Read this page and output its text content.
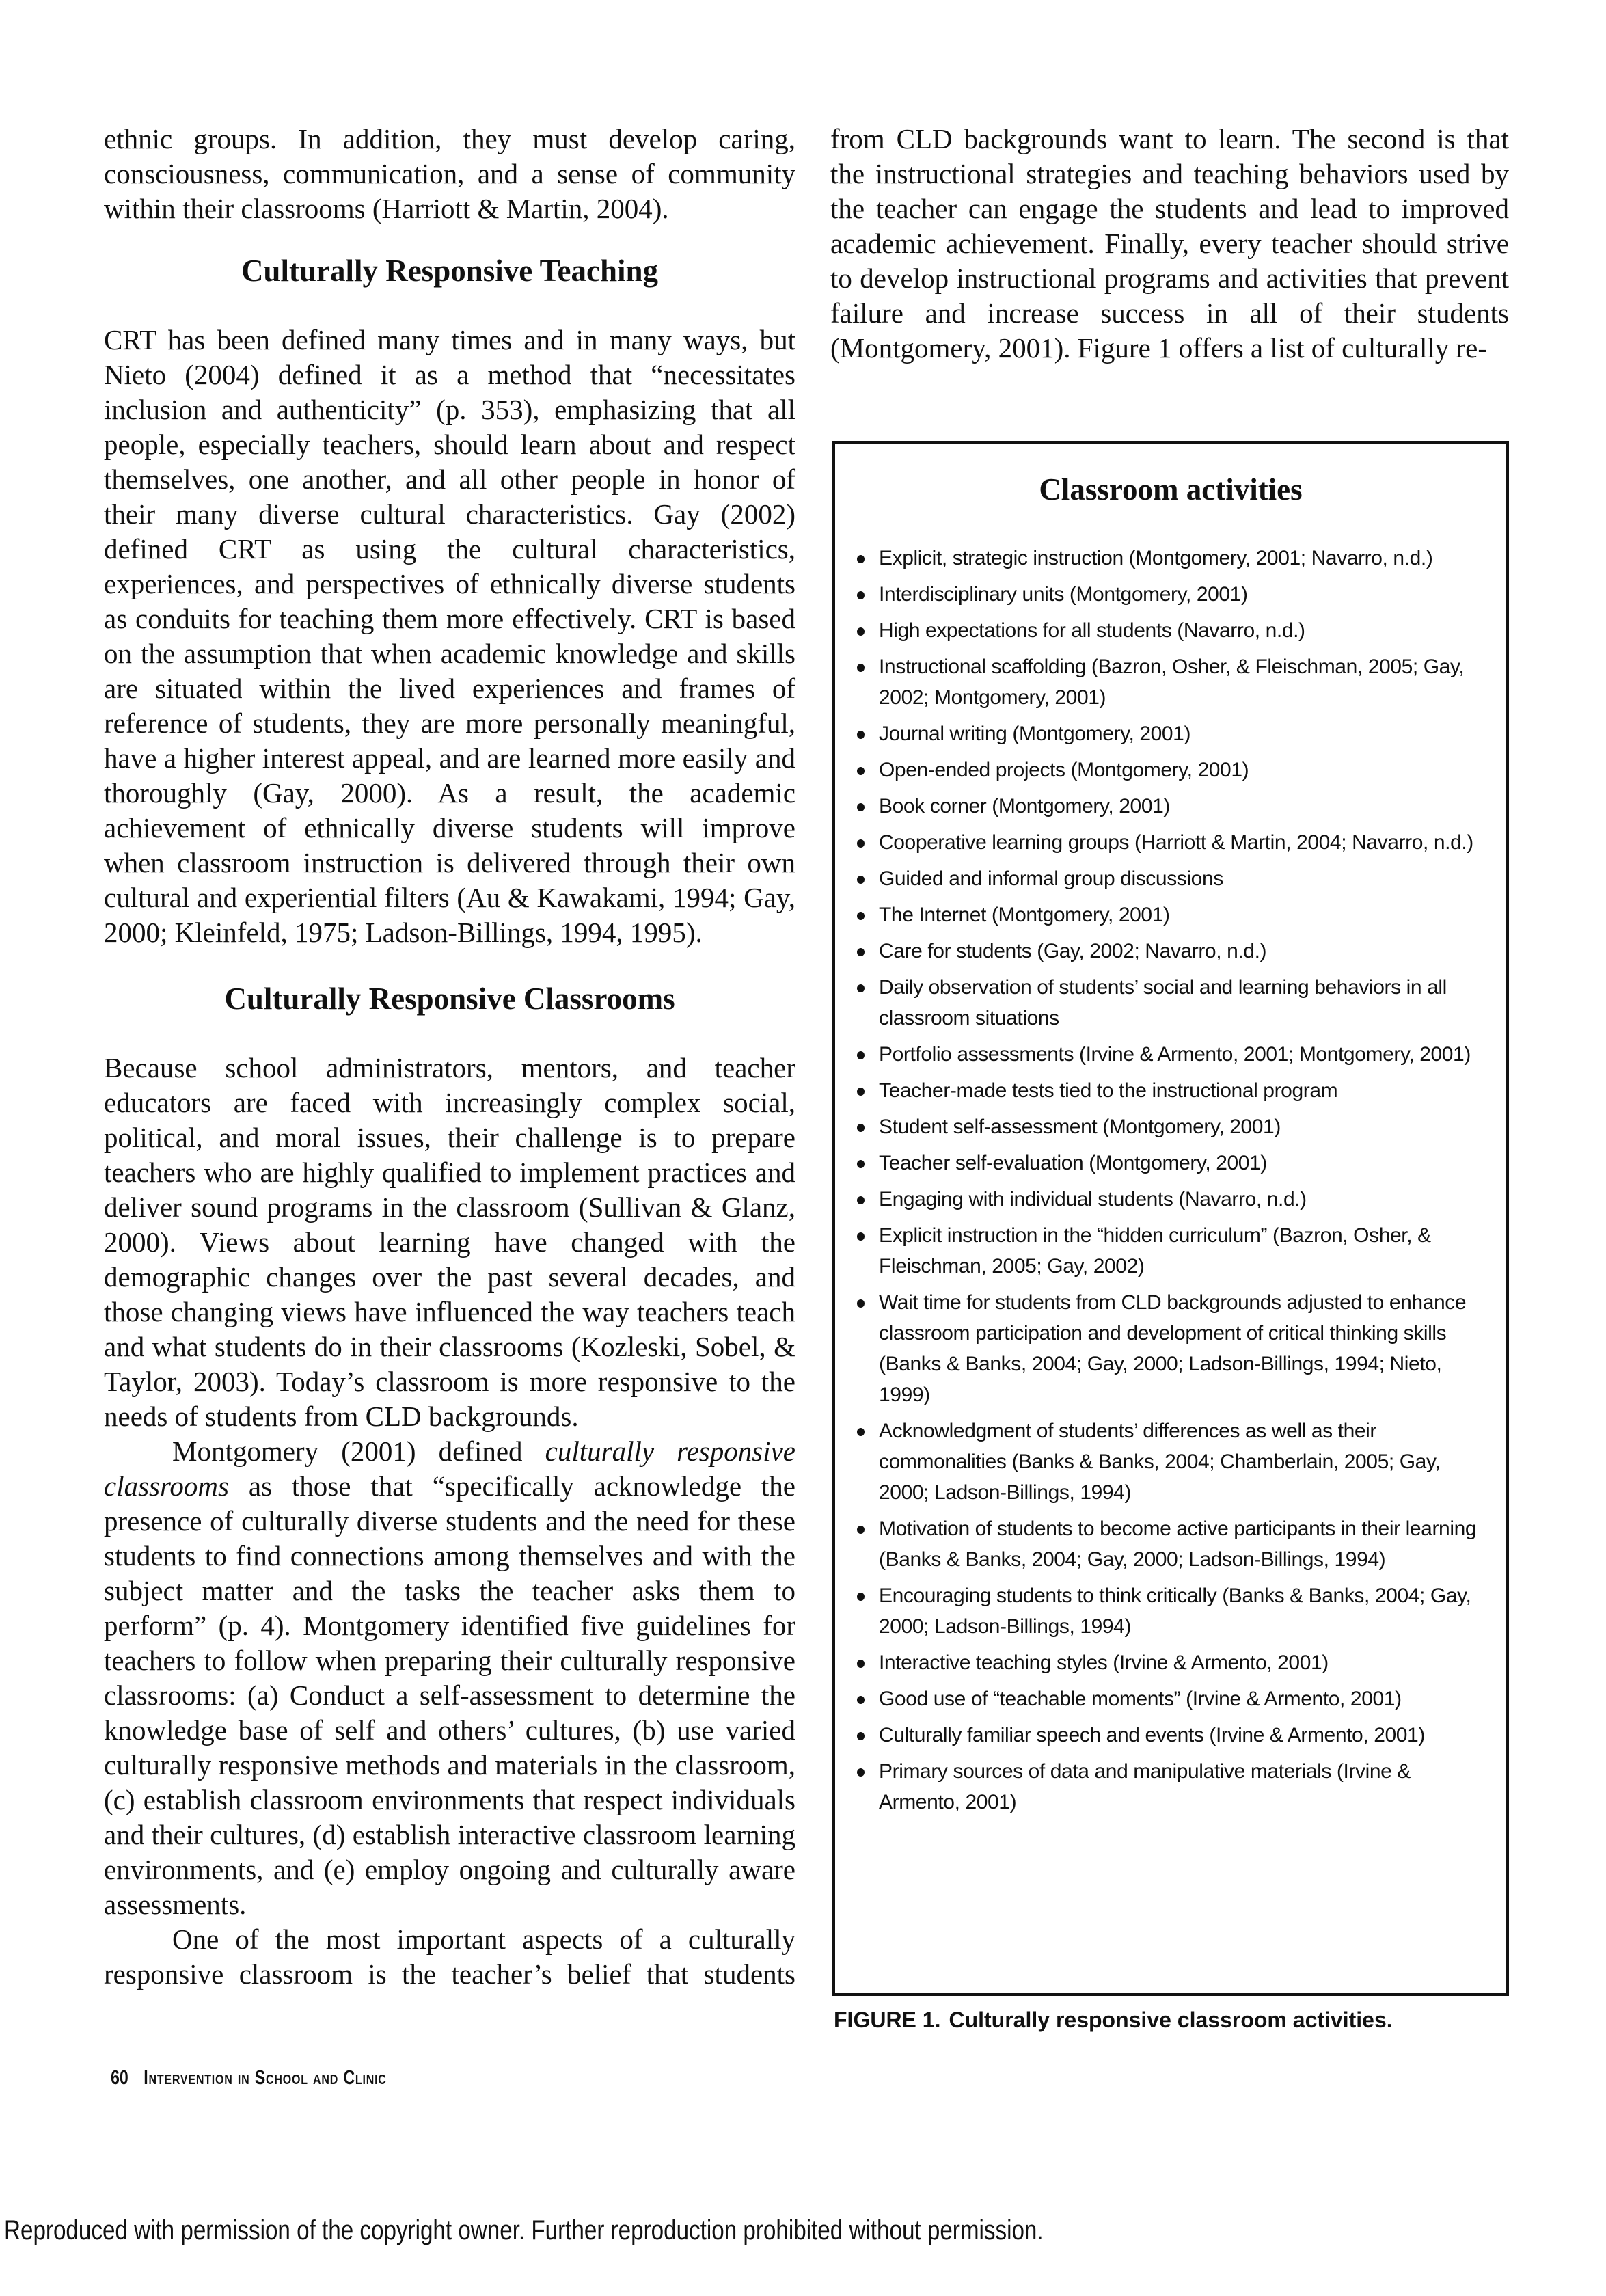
ethnic groups. In addition, they must develop caring, consciousness, communication, and a sense of community within their classrooms (Harriott & Martin, 2004).

Culturally Responsive Teaching

CRT has been defined many times and in many ways, but Nieto (2004) defined it as a method that “necessitates inclusion and authenticity” (p. 353), emphasizing that all people, especially teachers, should learn about and respect themselves, one another, and all other people in honor of their many diverse cultural characteristics. Gay (2002) defined CRT as using the cultural characteristics, experiences, and perspectives of ethnically diverse students as conduits for teaching them more effectively. CRT is based on the assumption that when academic knowledge and skills are situated within the lived experiences and frames of reference of students, they are more personally meaningful, have a higher interest appeal, and are learned more easily and thoroughly (Gay, 2000). As a result, the academic achievement of ethnically diverse students will improve when classroom instruction is delivered through their own cultural and experiential filters (Au & Kawakami, 1994; Gay, 2000; Kleinfeld, 1975; Ladson-Billings, 1994, 1995).

Culturally Responsive Classrooms

Because school administrators, mentors, and teacher educators are faced with increasingly complex social, political, and moral issues, their challenge is to prepare teachers who are highly qualified to implement practices and deliver sound programs in the classroom (Sullivan & Glanz, 2000). Views about learning have changed with the demographic changes over the past several decades, and those changing views have influenced the way teachers teach and what students do in their classrooms (Kozleski, Sobel, & Taylor, 2003). Today’s classroom is more responsive to the needs of students from CLD backgrounds.

Montgomery (2001) defined culturally responsive classrooms as those that “specifically acknowledge the presence of culturally diverse students and the need for these students to find connections among themselves and with the subject matter and the tasks the teacher asks them to perform” (p. 4). Montgomery identified five guidelines for teachers to follow when preparing their culturally responsive classrooms: (a) Conduct a self-assessment to determine the knowledge base of self and others’ cultures, (b) use varied culturally responsive methods and materials in the classroom, (c) establish classroom environments that respect individuals and their cultures, (d) establish interactive classroom learning environments, and (e) employ ongoing and culturally aware assessments.

One of the most important aspects of a culturally responsive classroom is the teacher’s belief that students

from CLD backgrounds want to learn. The second is that the instructional strategies and teaching behaviors used by the teacher can engage the students and lead to improved academic achievement. Finally, every teacher should strive to develop instructional programs and activities that prevent failure and increase success in all of their students (Montgomery, 2001). Figure 1 offers a list of culturally re-

Classroom activities
Explicit, strategic instruction (Montgomery, 2001; Navarro, n.d.)
Interdisciplinary units (Montgomery, 2001)
High expectations for all students (Navarro, n.d.)
Instructional scaffolding (Bazron, Osher, & Fleischman, 2005; Gay, 2002; Montgomery, 2001)
Journal writing (Montgomery, 2001)
Open-ended projects (Montgomery, 2001)
Book corner (Montgomery, 2001)
Cooperative learning groups (Harriott & Martin, 2004; Navarro, n.d.)
Guided and informal group discussions
The Internet (Montgomery, 2001)
Care for students (Gay, 2002; Navarro, n.d.)
Daily observation of students’ social and learning behaviors in all classroom situations
Portfolio assessments (Irvine & Armento, 2001; Montgomery, 2001)
Teacher-made tests tied to the instructional program
Student self-assessment (Montgomery, 2001)
Teacher self-evaluation (Montgomery, 2001)
Engaging with individual students (Navarro, n.d.)
Explicit instruction in the “hidden curriculum” (Bazron, Osher, & Fleischman, 2005; Gay, 2002)
Wait time for students from CLD backgrounds adjusted to enhance classroom participation and development of critical thinking skills (Banks & Banks, 2004; Gay, 2000; Ladson-Billings, 1994; Nieto, 1999)
Acknowledgment of students’ differences as well as their commonalities (Banks & Banks, 2004; Chamberlain, 2005; Gay, 2000; Ladson-Billings, 1994)
Motivation of students to become active participants in their learning (Banks & Banks, 2004; Gay, 2000; Ladson-Billings, 1994)
Encouraging students to think critically (Banks & Banks, 2004; Gay, 2000; Ladson-Billings, 1994)
Interactive teaching styles (Irvine & Armento, 2001)
Good use of “teachable moments” (Irvine & Armento, 2001)
Culturally familiar speech and events (Irvine & Armento, 2001)
Primary sources of data and manipulative materials (Irvine & Armento, 2001)
FIGURE 1. Culturally responsive classroom activities.
60 Intervention in School and Clinic
Reproduced with permission of the copyright owner. Further reproduction prohibited without permission.
